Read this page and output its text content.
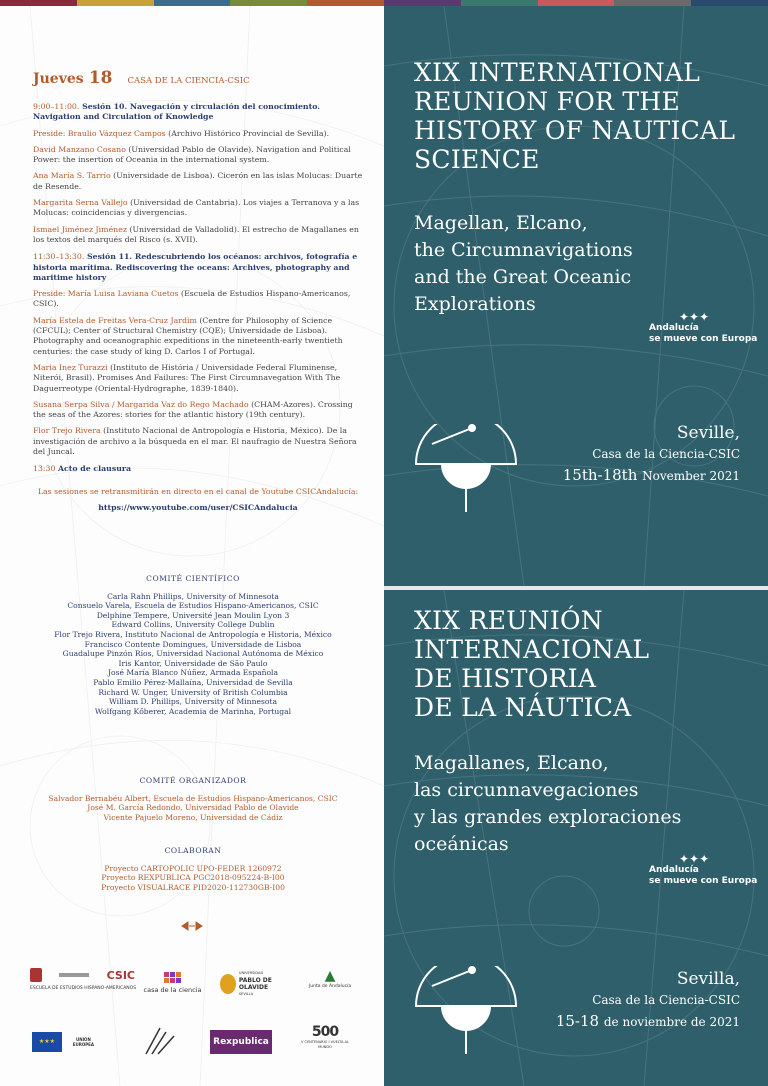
Jueves 18 CASA DE LA CIENCIA-CSIC
9:00–11:00. Sesión 10. Navegación y circulación del conocimiento. Navigation and Circulation of Knowledge
Preside: Braulio Vázquez Campos (Archivo Histórico Provincial de Sevilla).
David Manzano Cosano (Universidad Pablo de Olavide). Navigation and Political Power: the insertion of Oceania in the international system.
Ana María S. Tarrío (Universidade de Lisboa). Cicerón en las islas Molucas: Duarte de Resende.
Margarita Serna Vallejo (Universidad de Cantabria). Los viajes a Terranova y a las Molucas: coincidencias y divergencias.
Ismael Jiménez Jiménez (Universidad de Valladolid). El estrecho de Magallanes en los textos del marqués del Risco (s. XVII).
11:30–13:30. Sesión 11. Redescubriendo los océanos: archivos, fotografía e historia marítima. Rediscovering the oceans: Archives, photography and maritime history
Preside: María Luisa Laviana Cuetos (Escuela de Estudios Hispano-Americanos, CSIC).
María Estela de Freitas Vera-Cruz Jardim (Centre for Philosophy of Science (CFCUL); Center of Structural Chemistry (CQE); Universidade de Lisboa). Photography and oceanographic expeditions in the nineteenth-early twentieth centuries: the case study of king D. Carlos I of Portugal.
Maria Inez Turazzi (Instituto de História / Universidade Federal Fluminense, Niterói, Brasil). Promises And Failures: The First Circumnavegation With The Daguerreotype (Oriental-Hydrographe, 1839-1840).
Susana Serpa Silva / Margarida Vaz do Rego Machado (CHAM-Azores). Crossing the seas of the Azores: stories for the atlantic history (19th century).
Flor Trejo Rivera (Instituto Nacional de Antropología e Historia, México). De la investigación de archivo a la búsqueda en el mar. El naufragio de Nuestra Señora del Juncal.
13:30 Acto de clausura
Las sesiones se retransmitirán en directo en el canal de Youtube CSICAndalucía:
https://www.youtube.com/user/CSICAndalucia
COMITÉ CIENTÍFICO
Carla Rahn Phillips, University of Minnesota
Consuelo Varela, Escuela de Estudios Hispano-Americanos, CSIC
Delphine Tempere, Université Jean Moulin Lyon 3
Edward Collins, University College Dublin
Flor Trejo Rivera, Instituto Nacional de Antropología e Historia, México
Francisco Contente Domingues, Universidade de Lisboa
Guadalupe Pinzón Ríos, Universidad Nacional Autónoma de México
Iris Kantor, Universidade de São Paulo
José María Blanco Núñez, Armada Española
Pablo Emilio Pérez-Mallaína, Universidad de Sevilla
Richard W. Unger, University of British Columbia
William D. Phillips, University of Minnesota
Wolfgang Kőberer, Academia de Marinha, Portugal
COMITÉ ORGANIZADOR
Salvador Bernabéu Albert, Escuela de Estudios Hispano-Americanos, CSIC
José M. García Redondo, Universidad Pablo de Olavide
Vicente Pajuelo Moreno, Universidad de Cádiz
COLABORAN
Proyecto CARTOPOLIC UPO-FEDER 1260972
Proyecto REXPUBLICA PGC2018-095224-B-I00
Proyecto VISUALRACE PID2020-112730GB-I00
CSIC
ESCUELA DE ESTUDIOS HISPANO-AMERICANOS	casa de la ciencia
UNIVERSIDAD
PABLO DE OLAVIDE
SEVILLA
▲
Junta de Andalucía
★★★	UNIÓN EUROPEA	Rexpublica
500
V CENTENARIO I VUELTA AL MUNDO
XIX INTERNATIONAL
REUNION FOR THE
HISTORY OF NAUTICAL
SCIENCE
Magellan, Elcano,
the Circumnavigations
and the Great Oceanic
Explorations
✦✦✦
Andalucía
se mueve con Europa
Seville,
Casa de la Ciencia-CSIC
15th-18th November 2021
XIX REUNIÓN
INTERNACIONAL
DE HISTORIA
DE LA NÁUTICA
Magallanes, Elcano,
las circunnavegaciones
y las grandes exploraciones
oceánicas
✦✦✦
Andalucía
se mueve con Europa
Sevilla,
Casa de la Ciencia-CSIC
15-18 de noviembre de 2021
